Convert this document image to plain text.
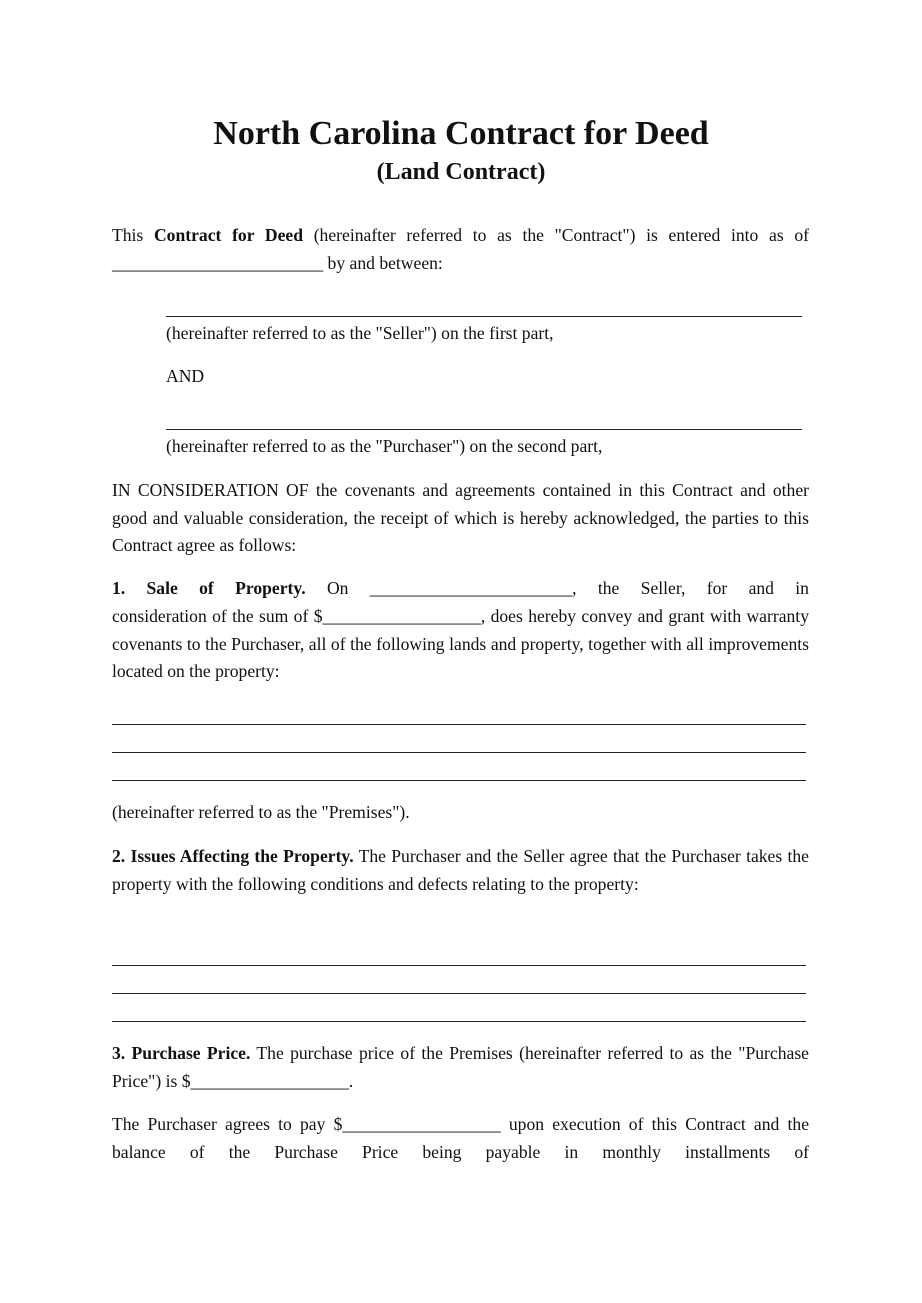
North Carolina Contract for Deed
(Land Contract)

This Contract for Deed (hereinafter referred to as the "Contract") is entered into as of

________________________ by and between:

(hereinafter referred to as the "Seller") on the first part,

AND

(hereinafter referred to as the "Purchaser") on the second part,

IN CONSIDERATION OF the covenants and agreements contained in this Contract and other good and valuable consideration, the receipt of which is hereby acknowledged, the parties to this Contract agree as follows:

1. Sale of Property. On _______________________, the Seller, for and in

consideration of the sum of $__________________, does hereby convey and grant with warranty covenants to the Purchaser, all of the following lands and property, together with all improvements located on the property:

(hereinafter referred to as the "Premises").

2. Issues Affecting the Property. The Purchaser and the Seller agree that the Purchaser takes the property with the following conditions and defects relating to the property:

3. Purchase Price. The purchase price of the Premises (hereinafter referred to as the "Purchase Price") is $__________________.

The Purchaser agrees to pay $__________________ upon execution of this Contract and the balance of the Purchase Price being payable in monthly installments of
